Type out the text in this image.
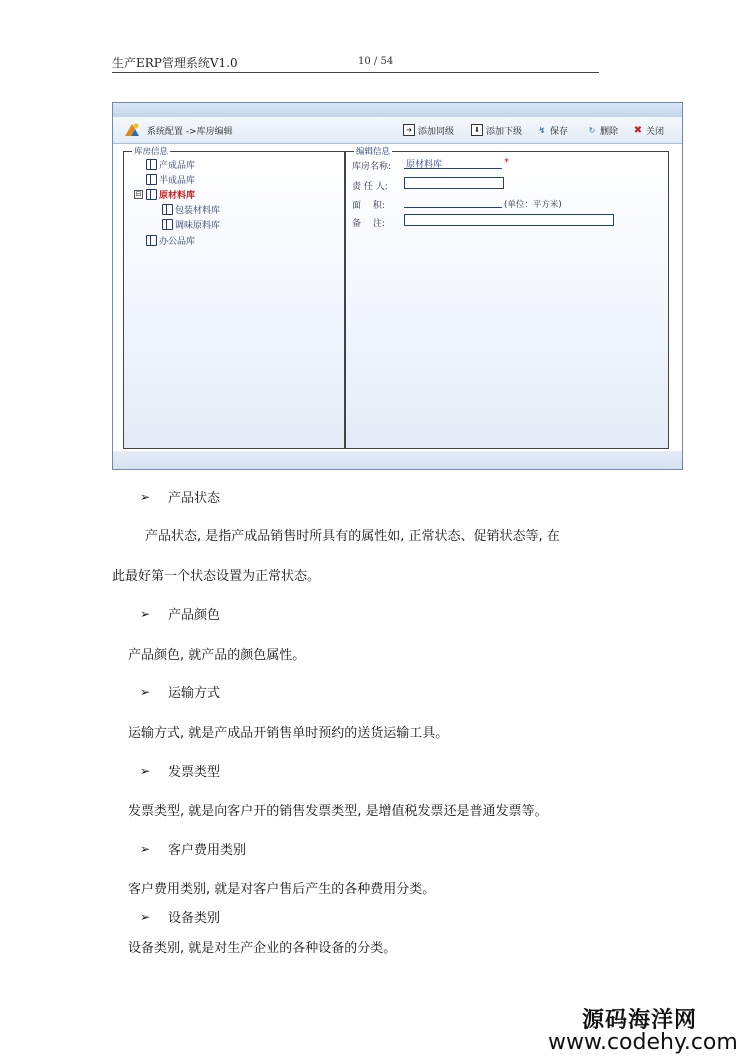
生产ERP管理系统V1.0	10 / 54
系统配置 ->库房编辑	➔ 添加同级	⬇ 添加下级 ↯ 保存	↻ 删除 ✖ 关闭
库房信息
产成品库
半成品库
⊟ 原材料库
包装材料库
调味原料库
办公品库
编辑信息
库房名称:
原材料库	*
责 任 人:
面　 积:	(单位：平方米)
备　 注:
➢	产品状态
产品状态, 是指产成品销售时所具有的属性如, 正常状态、促销状态等, 在
此最好第一个状态设置为正常状态。
➢	产品颜色
产品颜色, 就产品的颜色属性。
➢	运输方式
运输方式, 就是产成品开销售单时预约的送货运输工具。
➢	发票类型
发票类型, 就是向客户开的销售发票类型, 是增值税发票还是普通发票等。
➢	客户费用类别
客户费用类别, 就是对客户售后产生的各种费用分类。
➢	设备类别
设备类别, 就是对生产企业的各种设备的分类。
源码海洋网
www.codehy.com
